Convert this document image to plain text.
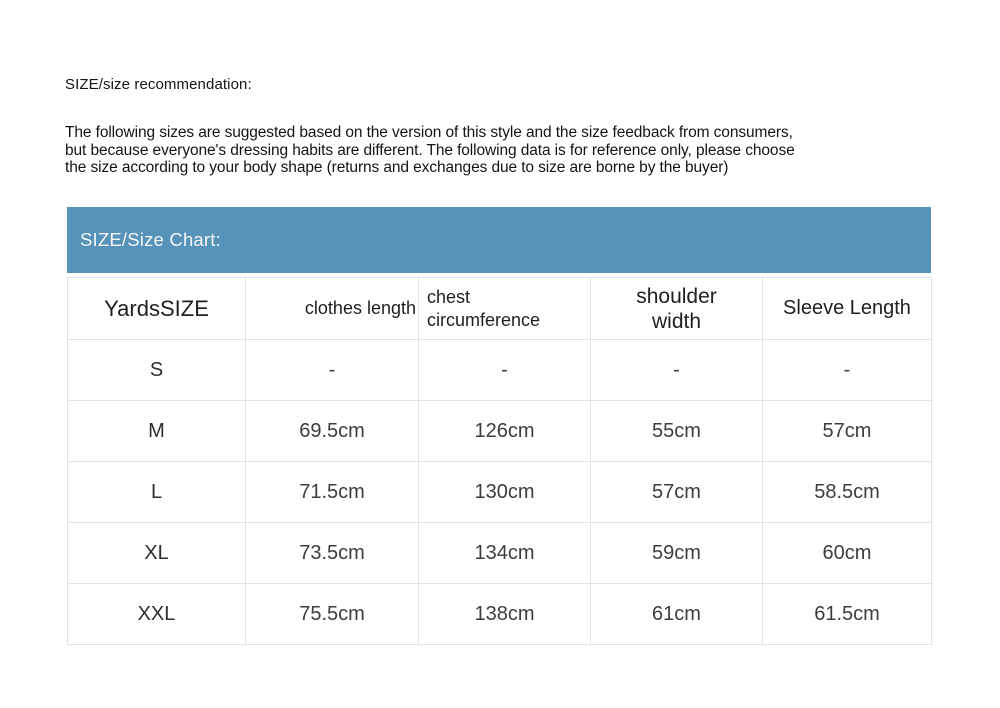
SIZE/size recommendation:
The following sizes are suggested based on the version of this style and the size feedback from consumers,
but because everyone's dressing habits are different. The following data is for reference only, please choose
the size according to your body shape (returns and exchanges due to size are borne by the buyer)
SIZE/Size Chart:
YardsSIZE	clothes length	chest circumference	shoulder width	Sleeve Length
S	-	-	-	-
M	69.5cm	126cm	55cm	57cm
L	71.5cm	130cm	57cm	58.5cm
XL	73.5cm	134cm	59cm	60cm
XXL	75.5cm	138cm	61cm	61.5cm
